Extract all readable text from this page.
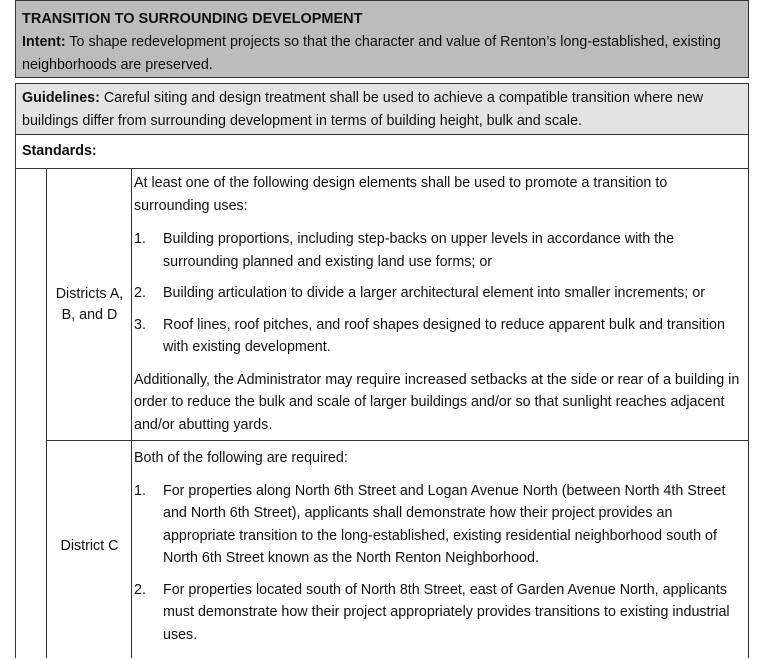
TRANSITION TO SURROUNDING DEVELOPMENT
Intent: To shape redevelopment projects so that the character and value of Renton’s long-established, existing neighborhoods are preserved.
Guidelines: Careful siting and design treatment shall be used to achieve a compatible transition where new buildings differ from surrounding development in terms of building height, bulk and scale.
Standards:
Districts A, B, and D
At least one of the following design elements shall be used to promote a transition to surrounding uses:
1. Building proportions, including step-backs on upper levels in accordance with the surrounding planned and existing land use forms; or
2. Building articulation to divide a larger architectural element into smaller increments; or
3. Roof lines, roof pitches, and roof shapes designed to reduce apparent bulk and transition with existing development.
Additionally, the Administrator may require increased setbacks at the side or rear of a building in order to reduce the bulk and scale of larger buildings and/or so that sunlight reaches adjacent and/or abutting yards.
District C
Both of the following are required:
1. For properties along North 6th Street and Logan Avenue North (between North 4th Street and North 6th Street), applicants shall demonstrate how their project provides an appropriate transition to the long-established, existing residential neighborhood south of North 6th Street known as the North Renton Neighborhood.
2. For properties located south of North 8th Street, east of Garden Avenue North, applicants must demonstrate how their project appropriately provides transitions to existing industrial uses.
